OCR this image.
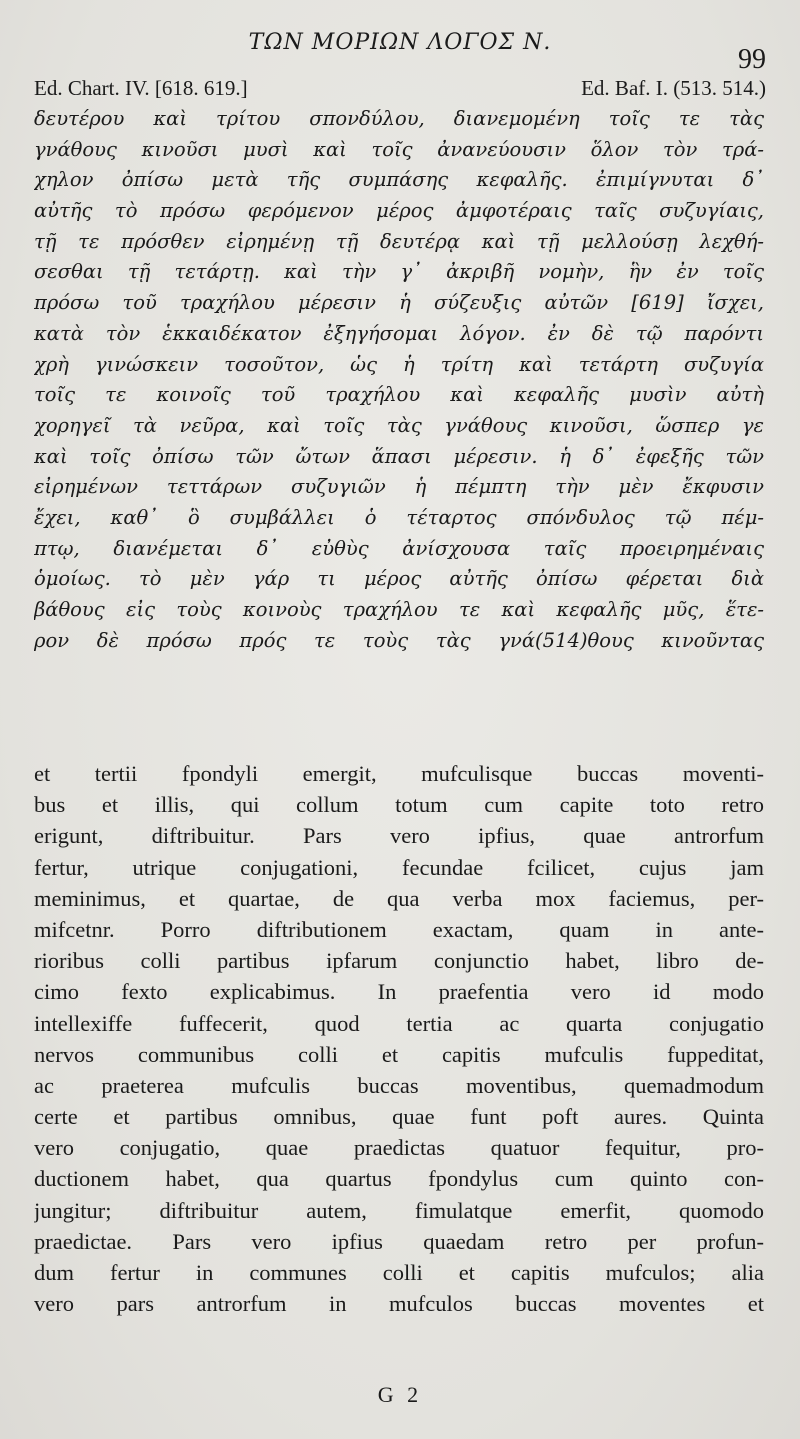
ΤΩΝ ΜΟΡΙΩΝ ΛΟΓΟΣ Ν.
99
Ed. Chart. IV. [618. 619.]	Ed. Baf. I. (513. 514.)
δευτέρου καὶ τρίτου σπονδύλου, διανεμομένη τοῖς τε τὰς
γνάθους κινοῦσι μυσὶ καὶ τοῖς ἀνανεύουσιν ὅλον τὸν τρά-
χηλον ὀπίσω μετὰ τῆς συμπάσης κεφαλῆς. ἐπιμίγνυται δ᾽
αὐτῆς τὸ πρόσω φερόμενον μέρος ἀμφοτέραις ταῖς συζυγίαις,
τῇ τε πρόσθεν εἰρημένῃ τῇ δευτέρᾳ καὶ τῇ μελλούσῃ λεχθή-
σεσθαι τῇ τετάρτῃ. καὶ τὴν γ᾽ ἀκριβῆ νομὴν, ἣν ἐν τοῖς
πρόσω τοῦ τραχήλου μέρεσιν ἡ σύζευξις αὐτῶν [619] ἴσχει,
κατὰ τὸν ἑκκαιδέκατον ἐξηγήσομαι λόγον. ἐν δὲ τῷ παρόντι
χρὴ γινώσκειν τοσοῦτον, ὡς ἡ τρίτη καὶ τετάρτη συζυγία
τοῖς τε κοινοῖς τοῦ τραχήλου καὶ κεφαλῆς μυσὶν αὐτὴ
χορηγεῖ τὰ νεῦρα, καὶ τοῖς τὰς γνάθους κινοῦσι, ὥσπερ γε
καὶ τοῖς ὀπίσω τῶν ὤτων ἅπασι μέρεσιν. ἡ δ᾽ ἐφεξῆς τῶν
εἰρημένων τεττάρων συζυγιῶν ἡ πέμπτη τὴν μὲν ἔκφυσιν
ἔχει, καθ᾽ ὃ συμβάλλει ὁ τέταρτος σπόνδυλος τῷ πέμ-
πτῳ, διανέμεται δ᾽ εὐθὺς ἀνίσχουσα ταῖς προειρημέναις
ὁμοίως. τὸ μὲν γάρ τι μέρος αὐτῆς ὀπίσω φέρεται διὰ
βάθους εἰς τοὺς κοινοὺς τραχήλου τε καὶ κεφαλῆς μῦς, ἕτε-
ρον δὲ πρόσω πρός τε τοὺς τὰς γνά(514)θους κινοῦντας
et tertii fpondyli emergit, mufculisque buccas moventi-
bus et illis, qui collum totum cum capite toto retro
erigunt, diftribuitur. Pars vero ipfius, quae antrorfum
fertur, utrique conjugationi, fecundae fcilicet, cujus jam
meminimus, et quartae, de qua verba mox faciemus, per-
mifcetnr. Porro diftributionem exactam, quam in ante-
rioribus colli partibus ipfarum conjunctio habet, libro de-
cimo fexto explicabimus. In praefentia vero id modo
intellexiffe fuffecerit, quod tertia ac quarta conjugatio
nervos communibus colli et capitis mufculis fuppeditat,
ac praeterea mufculis buccas moventibus, quemadmodum
certe et partibus omnibus, quae funt poft aures. Quinta
vero conjugatio, quae praedictas quatuor fequitur, pro-
ductionem habet, qua quartus fpondylus cum quinto con-
jungitur; diftribuitur autem, fimulatque emerfit, quomodo
praedictae. Pars vero ipfius quaedam retro per profun-
dum fertur in communes colli et capitis mufculos; alia
vero pars antrorfum in mufculos buccas moventes et
G 2
